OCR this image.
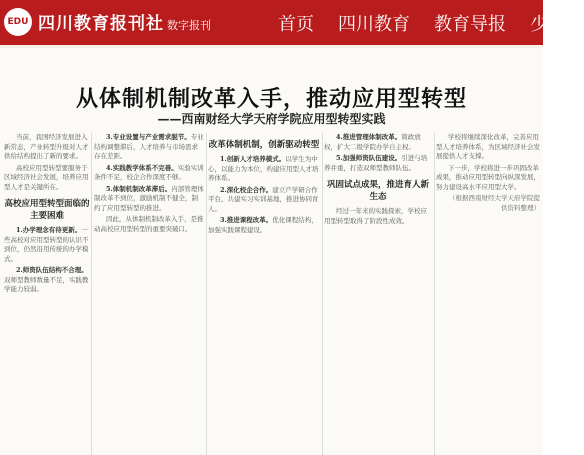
EDU 四川教育报刊社 数字报刊	首页 四川教育 教育导报 少年百
从体制机制改革入手，推动应用型转型
——西南财经大学天府学院应用型转型实践

当前，我国经济发展进入新常态，产业转型升级对人才供给结构提出了新的要求。

高校应用型转型要服务于区域经济社会发展，培养应用型人才是关键所在。

高校应用型转型面临的主要困难

1.办学理念有待更新。一些高校对应用型转型的认识不到位，仍然沿用传统的办学模式。

2.师资队伍结构不合理。双师型教师数量不足，实践教学能力较弱。

3.专业设置与产业需求脱节。专业结构调整滞后，人才培养与市场需求存在差距。

4.实践教学体系不完善。实验实训条件不足，校企合作深度不够。

5.体制机制改革滞后。内部管理体制改革不到位，激励机制不健全，制约了应用型转型的推进。

因此，从体制机制改革入手，是推动高校应用型转型的重要突破口。

改革体制机制，创新驱动转型

1.创新人才培养模式。以学生为中心，以能力为本位，构建应用型人才培养体系。

2.深化校企合作。建立产学研合作平台，共建实习实训基地，推进协同育人。

3.推进课程改革。优化课程结构，加强实践课程建设。

4.推进管理体制改革。简政放权，扩大二级学院办学自主权。

5.加强师资队伍建设。引进与培养并重，打造双师型教师队伍。

巩固试点成果，推进育人新生态

经过一年来的实践探索，学校应用型转型取得了阶段性成效。

学校将继续深化改革，完善应用型人才培养体系，为区域经济社会发展提供人才支撑。

下一步，学校将进一步巩固改革成果，推动应用型转型向纵深发展，努力建设高水平应用型大学。

（根据西南财经大学天府学院提供资料整理）
